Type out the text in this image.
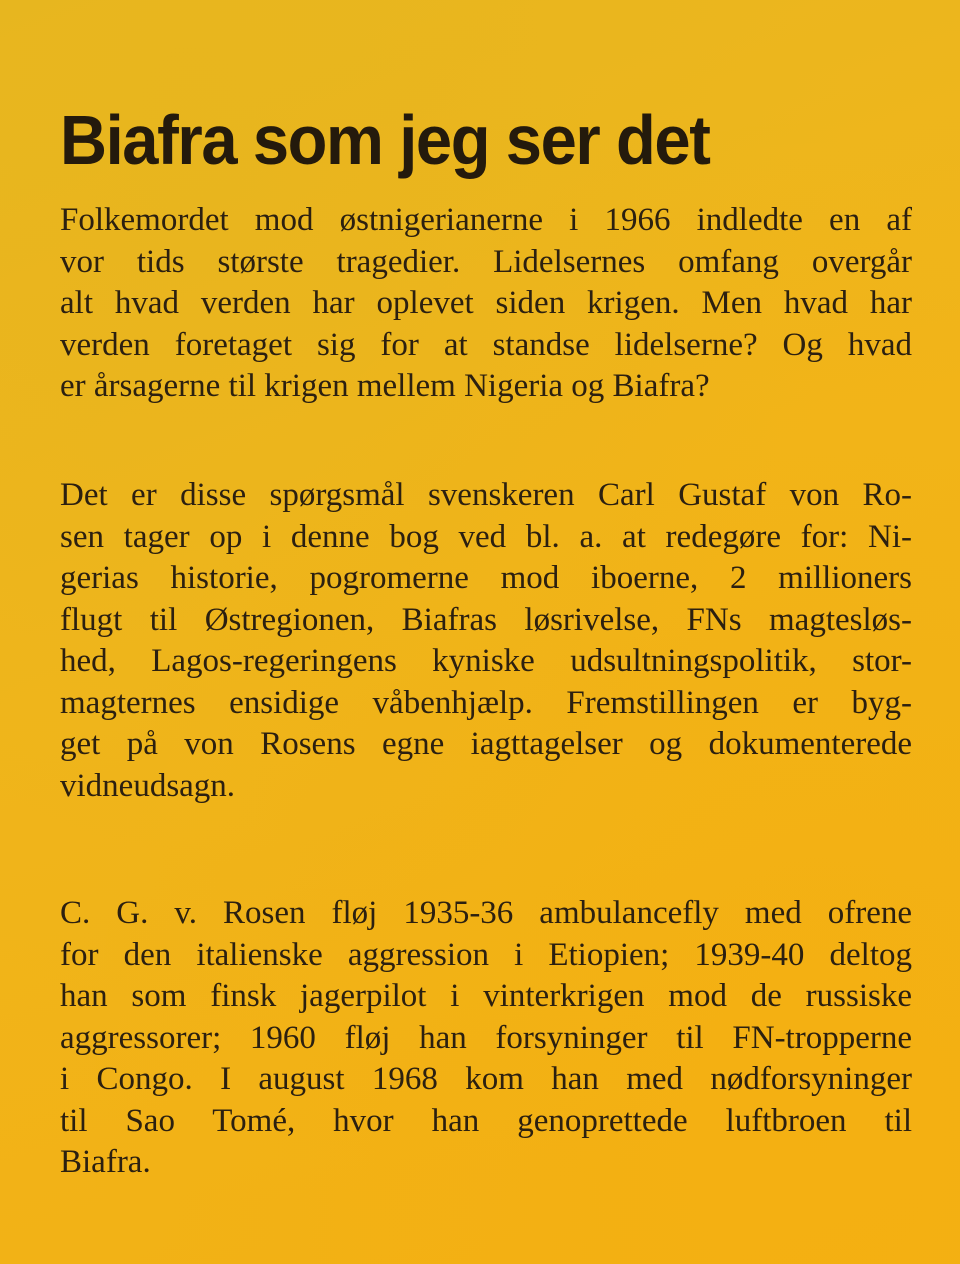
Biafra som jeg ser det
Folkemordet mod østnigerianerne i 1966 indledte en af
vor tids største tragedier. Lidelsernes omfang overgår
alt hvad verden har oplevet siden krigen. Men hvad har
verden foretaget sig for at standse lidelserne? Og hvad
er årsagerne til krigen mellem Nigeria og Biafra?
Det er disse spørgsmål svenskeren Carl Gustaf von Ro-
sen tager op i denne bog ved bl. a. at redegøre for: Ni-
gerias historie, pogromerne mod iboerne, 2 millioners
flugt til Østregionen, Biafras løsrivelse, FNs magtesløs-
hed, Lagos-regeringens kyniske udsultningspolitik, stor-
magternes ensidige våbenhjælp. Fremstillingen er byg-
get på von Rosens egne iagttagelser og dokumenterede
vidneudsagn.
C. G. v. Rosen fløj 1935-36 ambulancefly med ofrene
for den italienske aggression i Etiopien; 1939-40 deltog
han som finsk jagerpilot i vinterkrigen mod de russiske
aggressorer; 1960 fløj han forsyninger til FN-tropperne
i Congo. I august 1968 kom han med nødforsyninger
til Sao Tomé, hvor han genoprettede luftbroen til
Biafra.
